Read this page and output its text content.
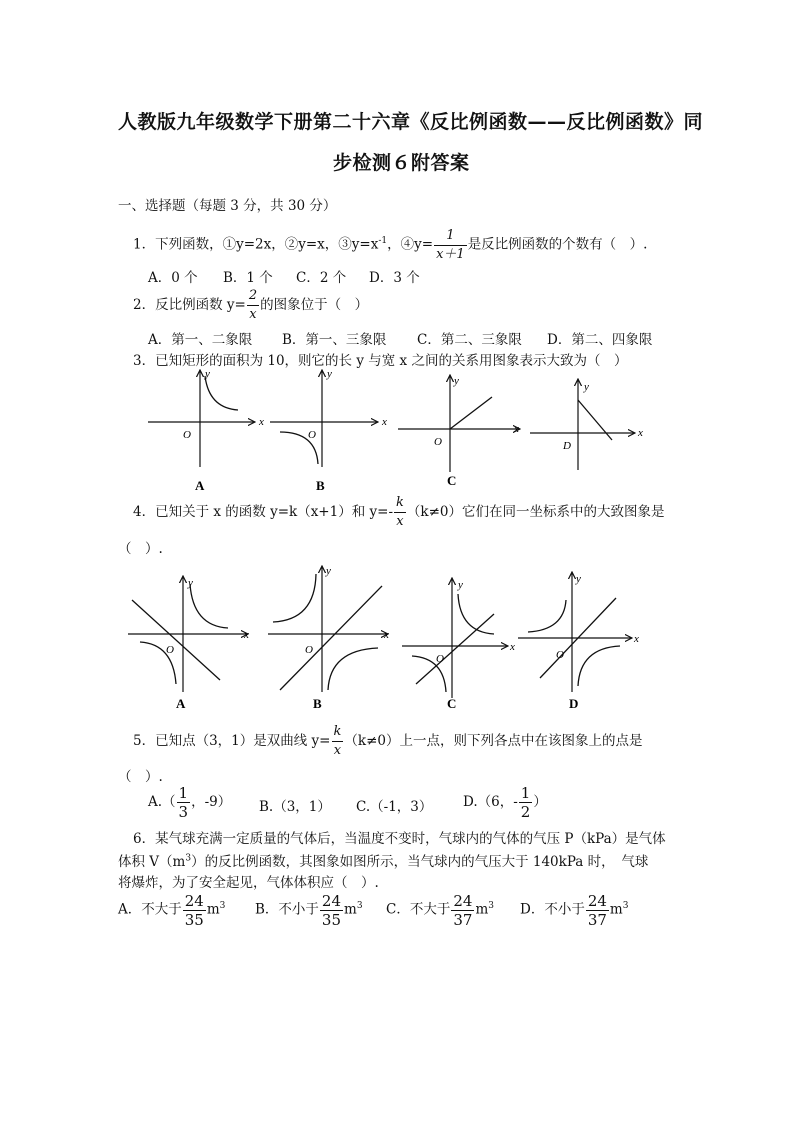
人教版九年级数学下册第二十六章《反比例函数——反比例函数》同
步检测６附答案
一、选择题（每题 3 分，共 30 分）
1．下列函数，①y=2x，②y=x，$③y=x^{-1}$，④y= $\frac{1}{x+1}$ 是反比例函数的个数有（　）.
A．0 个 B．1 个 C．2 个 D．3 个
2．反比例函数 $y= \frac{2}{x}$ 的图象位于（　）
A．第一、二象限 B．第一、三象限 C．第二、三象限 D．第二、四象限
3．已知矩形的面积为 10，则它的长 y 与宽 x 之间的关系用图象表示大致为（　）
y
x
O
A
y
x
O
B
y
x
O
C
y
x
D
4．已知关于 x 的函数 y=k（x+1）和 $y=- \frac{k}{x} (k\ne 0)$它们在同一坐标系中的大致图象是
（　）.
y
x
O
A
y
x
O
B
y
x
O
C
y
x
O
D
5．已知点（3，1）是双曲线 $y= \frac{k}{x} (k\ne 0)$上一点，则下列各点中在该图象上的点是
（　）.
$A.( \frac{1}{3}$ ，-9） B.（3，1） C.（-1，3） D.（6，- $\frac{1}{2}$ ）
6．某气球充满一定质量的气体后，当温度不变时，气球内的气体的气压 P（kPa）是气体
体积 $V(m^3)$的反比例函数，其图象如图所示，当气球内的气压大于 140kPa 时，　气球
将爆炸，为了安全起见，气体体积应（　）.
A．不大于 $\frac{24}{35} m^3$ B．不小于 $\frac{24}{35} m^3$ C．不大于 $\frac{24}{37} m^3$ D．不小于 $\frac{24}{37} m^3$
